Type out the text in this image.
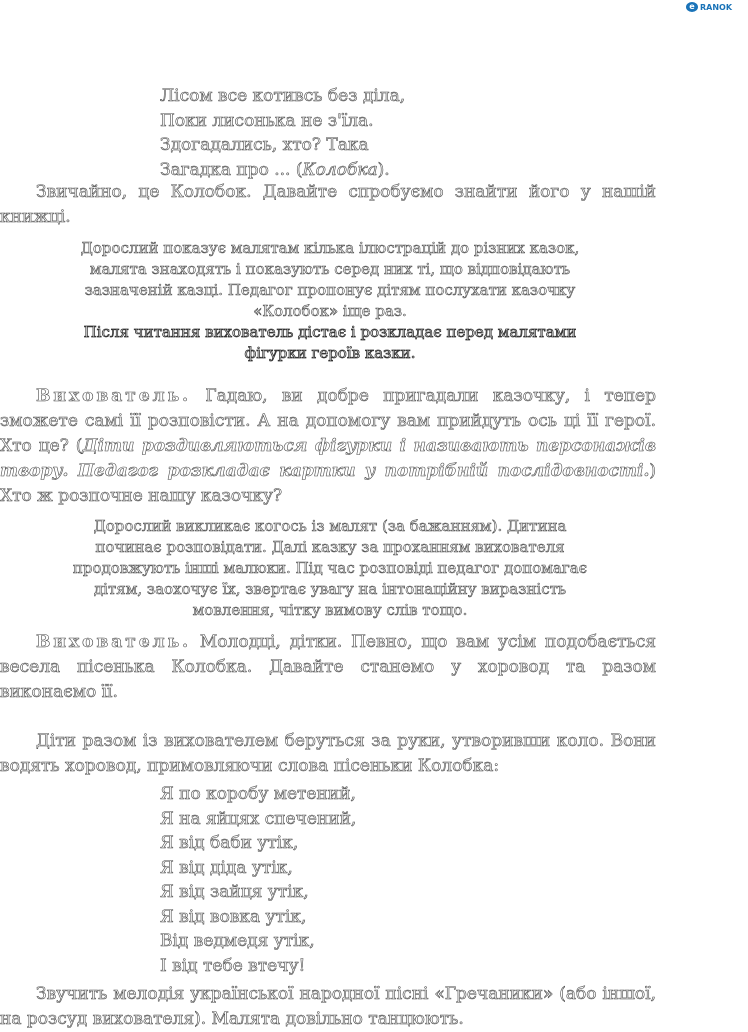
e RANOK
Лісом все котивсь без діла,
Поки лисонька не з'їла.
Здогадались, хто? Така
Загадка про ... (Колобка).

Звичайно, це Колобок. Давайте спробуємо знайти його у нашій книжці.

Дорослий показує малятам кілька ілюстрацій до різних казок,
малята знаходять і показують серед них ті, що відповідають
зазначеній казці. Педагог пропонує дітям послухати казочку
«Колобок» іще раз.
Після читання вихователь дістає і розкладає перед малятами
фігурки героїв казки.

Вихователь. Гадаю, ви добре пригадали казочку, і тепер зможете самі її розповісти. А на допомогу вам прийдуть ось ці її герої. Хто це? (Діти роздивляються фігурки і називають персонажів твору. Педагог розкладає картки у потрібній послідовності.) Хто ж розпочне нашу казочку?

Дорослий викликає когось із малят (за бажанням). Дитина
починає розповідати. Далі казку за проханням вихователя
продовжують інші малюки. Під час розповіді педагог допомагає
дітям, заохочує їх, звертає увагу на інтонаційну виразність
мовлення, чітку вимову слів тощо.

Вихователь. Молодці, дітки. Певно, що вам усім подобається весела пісенька Колобка. Давайте станемо у хоровод та разом виконаємо її.

Діти разом із вихователем беруться за руки, утворивши коло. Вони водять хоровод, примовляючи слова пісеньки Колобка:

Я по коробу метений,
Я на яйцях спечений,
Я від баби утік,
Я від діда утік,
Я від зайця утік,
Я від вовка утік,
Від ведмедя утік,
І від тебе втечу!

Звучить мелодія української народної пісні «Гречаники» (або іншої, на розсуд вихователя). Малята довільно танцюють.
